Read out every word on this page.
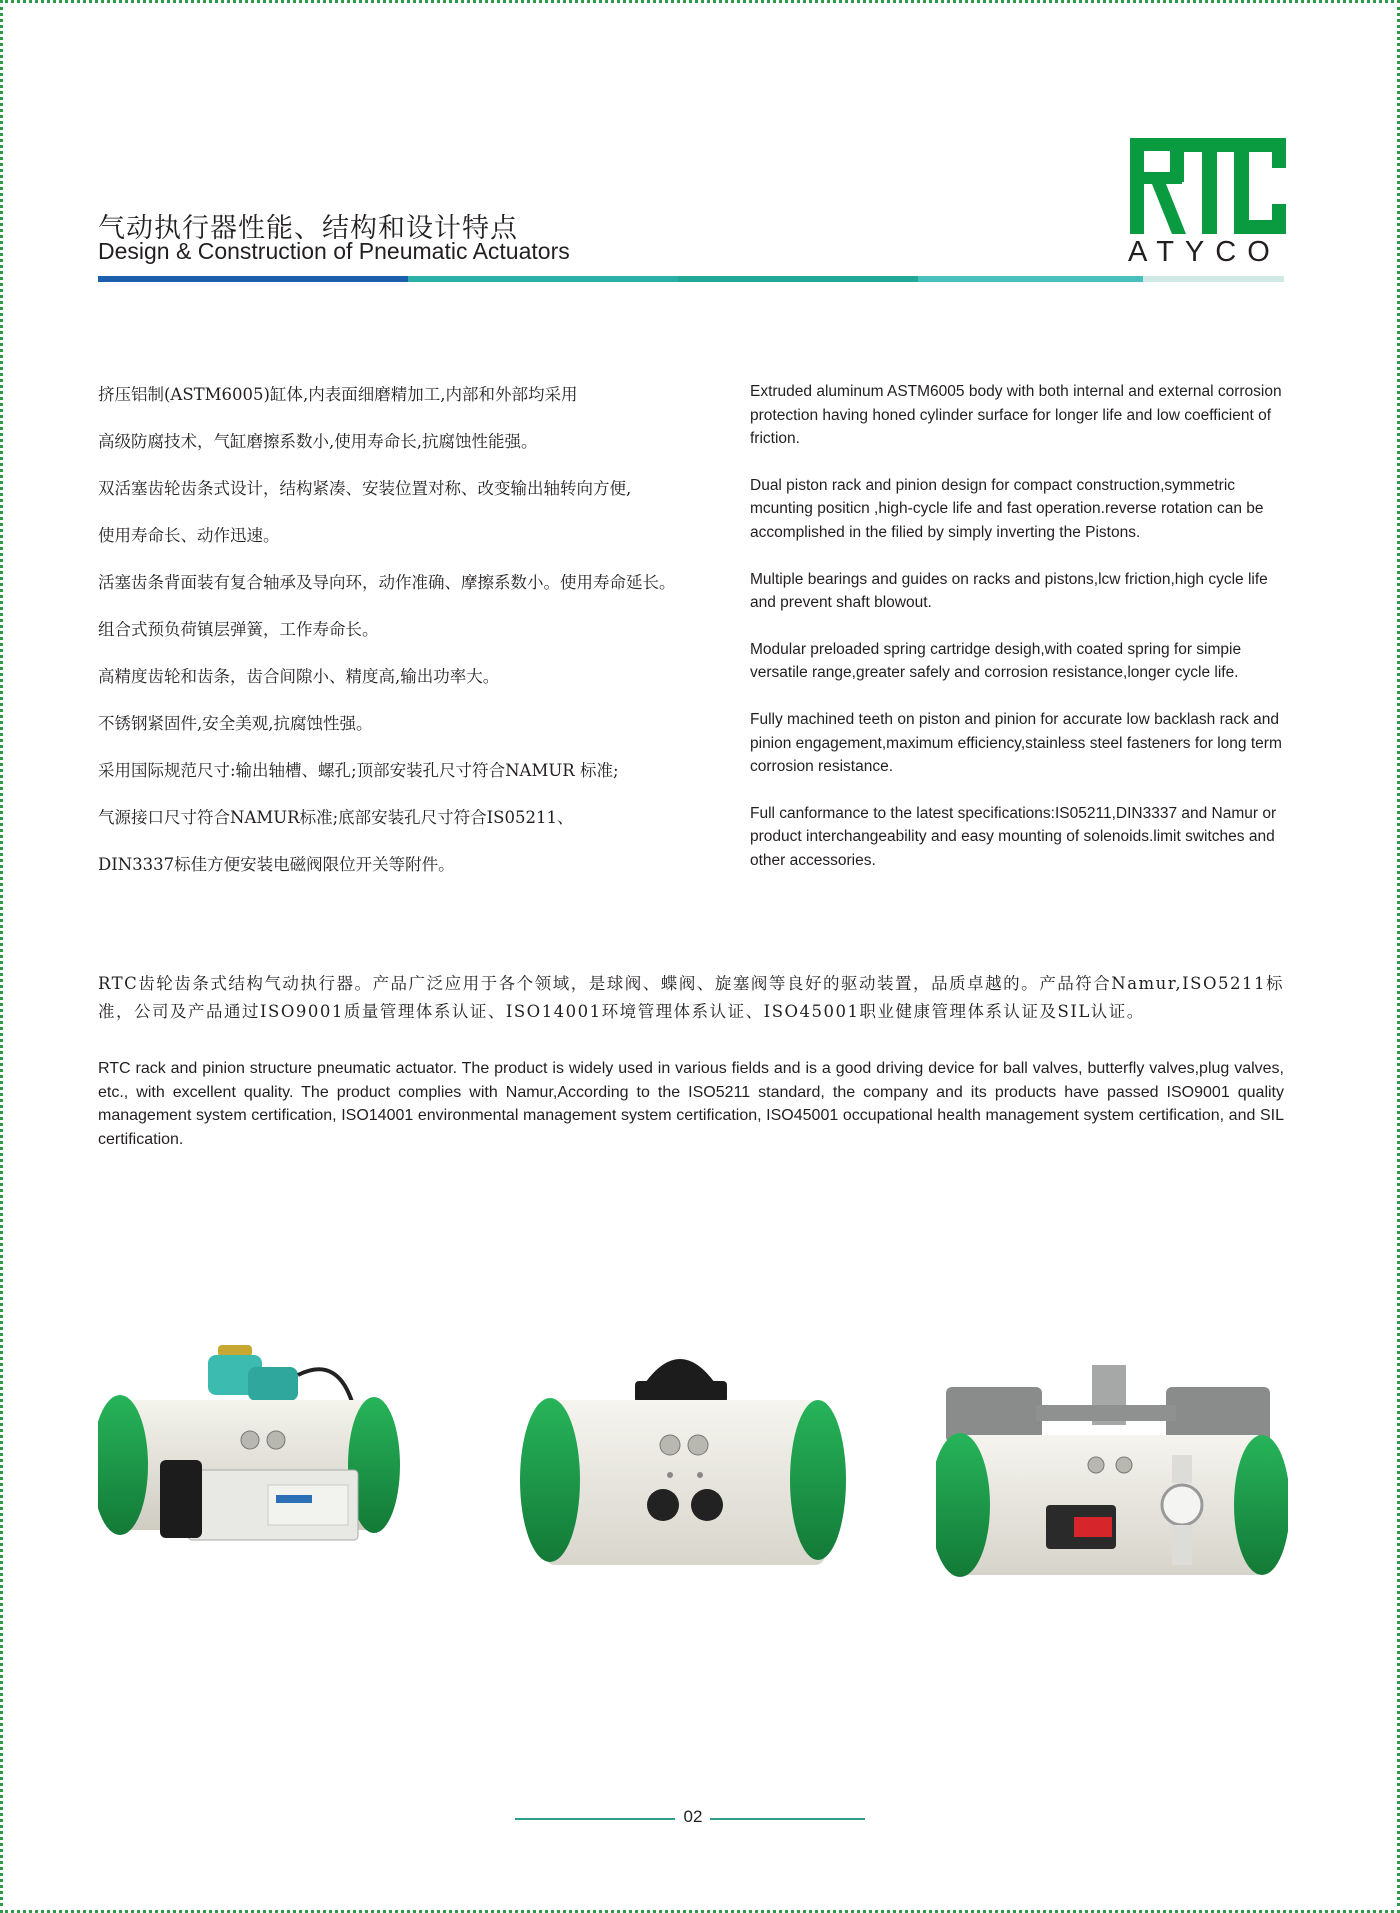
气动执行器性能、结构和设计特点
Design & Construction of Pneumatic Actuators	ATYCO

挤压铝制(ASTM6005)缸体,内表面细磨精加工,内部和外部均采用

高级防腐技术，气缸磨擦系数小,使用寿命长,抗腐蚀性能强。

双活塞齿轮齿条式设计，结构紧凑、安装位置对称、改变输出轴转向方便,

使用寿命长、动作迅速。

活塞齿条背面装有复合轴承及导向环，动作准确、摩擦系数小。使用寿命延长。

组合式预负荷镇层弹簧，工作寿命长。

高精度齿轮和齿条，齿合间隙小、精度高,输出功率大。

不锈钢紧固件,安全美观,抗腐蚀性强。

采用国际规范尺寸:输出轴槽、螺孔;顶部安装孔尺寸符合NAMUR 标准;

气源接口尺寸符合NAMUR标准;底部安装孔尺寸符合IS05211、

DIN3337标佳方便安装电磁阀限位开关等附件。

Extruded aluminum ASTM6005 body with both internal and external corrosion protection having honed cylinder surface for longer life and low coefficient of friction.

Dual piston rack and pinion design for compact construction,symmetric mcunting positicn ,high-cycle life and fast operation.reverse rotation can be accomplished in the filied by simply inverting the Pistons.

Multiple bearings and guides on racks and pistons,lcw friction,high cycle life and prevent shaft blowout.

Modular preloaded spring cartridge desigh,with coated spring for simpie versatile range,greater safely and corrosion resistance,longer cycle life.

Fully machined teeth on piston and pinion for accurate low backlash rack and pinion engagement,maximum efficiency,stainless steel fasteners for long term corrosion resistance.

Full canformance to the latest specifications:IS05211,DIN3337 and Namur or product interchangeability and easy mounting of solenoids.limit switches and other accessories.

RTC齿轮齿条式结构气动执行器。产品广泛应用于各个领域，是球阀、蝶阀、旋塞阀等良好的驱动装置，品质卓越的。产品符合Namur,ISO5211标准，公司及产品通过ISO9001质量管理体系认证、ISO14001环境管理体系认证、ISO45001职业健康管理体系认证及SIL认证。
RTC rack and pinion structure pneumatic actuator. The product is widely used in various fields and is a good driving device for ball valves, butterfly valves,plug valves, etc., with excellent quality. The product complies with Namur,According to the ISO5211 standard, the company and its products have passed ISO9001 quality management system certification, ISO14001 environmental management system certification, ISO45001 occupational health management system certification, and SIL certification.
02
